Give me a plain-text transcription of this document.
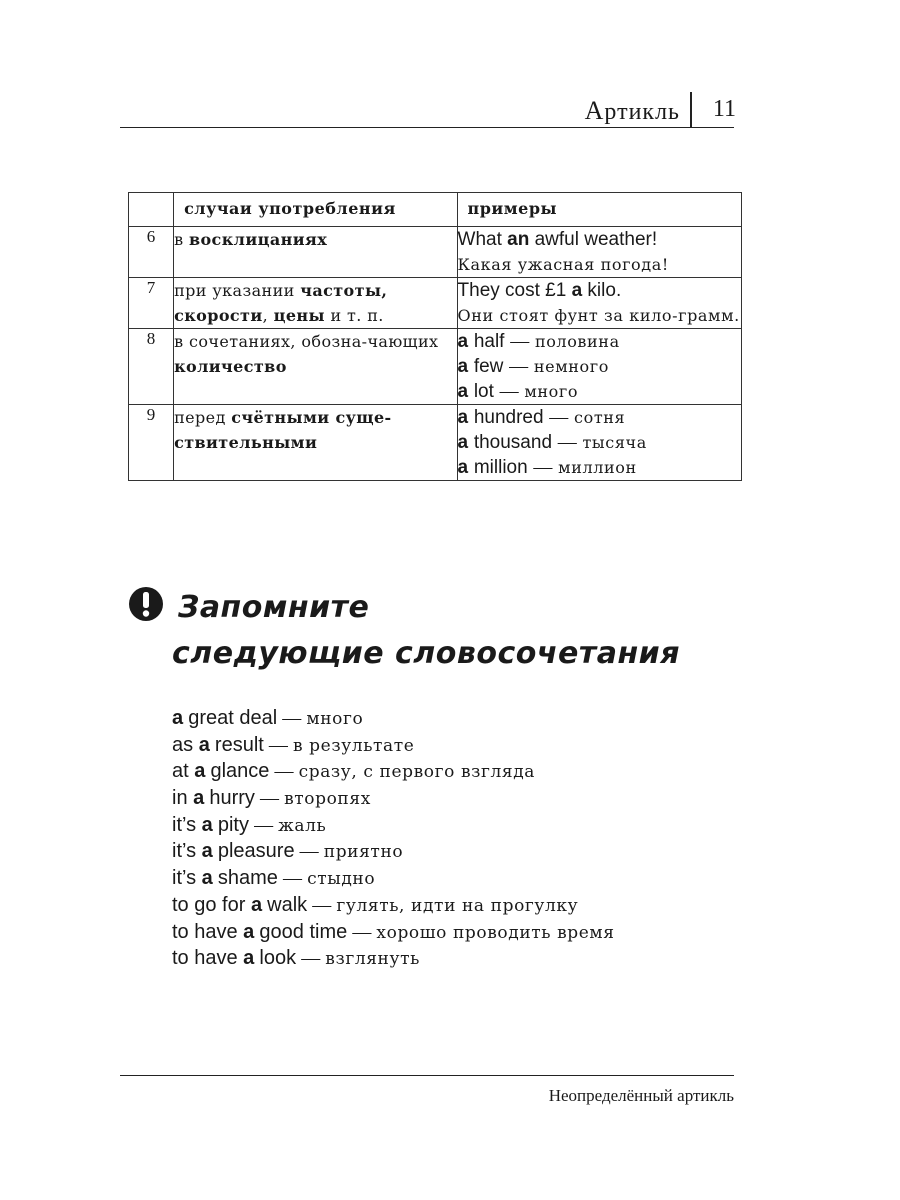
Артикль	11
	случаи употребления	примеры
6	в восклицаниях	What an awful weather!
Какая ужасная погода!

7	при указании частоты, скорости, цены и т. п.	They cost £1 a kilo.
Они стоят фунт за кило-грамм.

8	в сочетаниях, обозна-чающих количество	a half — половина
a few — немного
a lot — много

9	перед счётными суще-ствительными	a hundred — сотня
a thousand — тысяча
a million — миллион
Запомните
следующие словосочетания
a great deal — много
as a result — в результате
at a glance — сразу, с первого взгляда
in a hurry — второпях
it’s a pity — жаль
it’s a pleasure — приятно
it’s a shame — стыдно
to go for a walk — гулять, идти на прогулку
to have a good time — хорошо проводить время
to have a look — взглянуть
Неопределённый артикль
